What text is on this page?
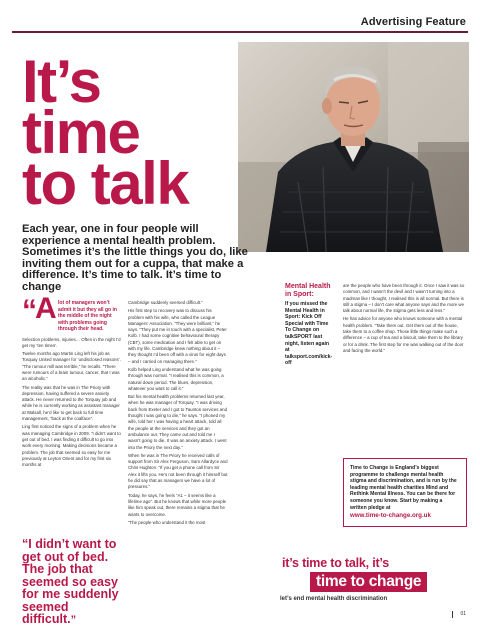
Advertising Feature
It’s
time
to talk
Each year, one in four people will experience a mental health problem. Sometimes it’s the little things you do, like inviting them out for a cuppa, that make a difference. It’s time to talk. It’s time to change
“
A lot of managers won’t admit it but they all go in the middle of the night with problems going through their head.

Selection problems, injuries… Often in the night I’d get my ‘ten times’.

Twelve months ago Martin Ling left his job as Torquay United manager for ‘undisclosed reasons’. “The rumour mill was terrible,” he recalls. “There were rumours of a brain tumour, cancer, that I was an alcoholic.”

The reality was that he was in The Priory with depression, having suffered a severe anxiety attack. He never returned to the Torquay job and while he is currently working as assistant manager at Walsall, he’d like to get back to full time management, “back at the coalface”.

Ling first noticed the signs of a problem when he was managing Cambridge in 2009. “I didn’t want to get out of bed. I was finding it difficult to go into work every morning. Making decisions became a problem. The job that seemed so easy for me previously at Leyton Orient and for my first six months at

“I didn’t want to get out of bed. The job that seemed so easy for me suddenly seemed difficult.”

Cambridge suddenly seemed difficult.”

His first step to recovery was to discuss his problem with his wife, who called the League Managers’ Association. “They were brilliant,” he says. “They put me in touch with a specialist, Peter Kolb. I had some cognitive behavioural therapy (CBT), some medication and I felt able to get on with my life. Cambridge knew nothing about it – they thought I’d been off with a virus for eight days – and I carried on managing there.”

Kolb helped Ling understand what he was going through was normal. “I realised this is common, a natural down period. The blues, depression, whatever you want to call it.”

But his mental health problems returned last year, when he was manager of Torquay. “I was driving back from Exeter and I got to Taunton services and thought I was going to die,” he says. “I phoned my wife, told her I was having a heart attack, told all the people at the services and they got an ambulance out. They came out and told me I wasn’t going to die. It was an anxiety attack. I went into the Priory the next day.”

When he was in The Priory he received calls of support from Sir Alex Ferguson, Sam Allardyce and Chris Hughton. “If you get a phone call from Sir Alex it lifts you. He’s not been through it himself but he did say that as managers we have a lot of pressures.”

Today, he says, he feels “A1 – it seems like a lifetime ago”. But he knows that while more people like him speak out, there remains a stigma that he wants to overcome.

“The people who understand it the most

Mental Health in Sport:
If you missed the Mental Health in Sport: Kick Off Special with Time To Change on talkSPORT last night, listen again at talksport.com/kick-off

are the people who have been through it. Once I saw it was so common, and I wasn’t the devil and I wasn’t turning into a madman like I thought, I realised this is all normal. But there is still a stigma – I don’t care what anyone says and the more we talk about normal life, the stigma gets less and less.”

He has advice for anyone who knows someone with a mental health problem. “Take them out. Get them out of the house, take them to a coffee shop. Those little things make such a difference – a cup of tea and a biscuit, take them to the library or for a drink. The first step for me was walking out of the door and facing the world.”

Time to Change is England’s biggest programme to challenge mental health stigma and discrimination, and is run by the leading mental health charities Mind and Rethink Mental Illness. You can be there for someone you know. Start by making a written pledge at
www.time-to-change.org.uk
it’s time to talk, it’s
time to change
let’s end mental health discrimination
01
